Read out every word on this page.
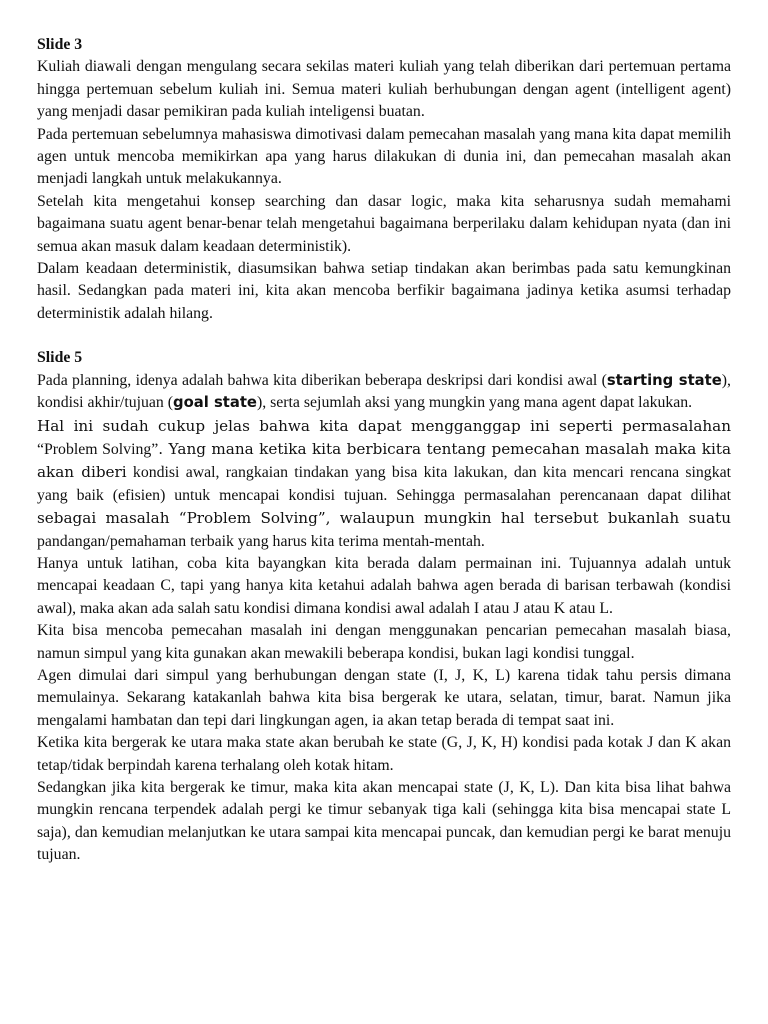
Slide 3

Kuliah diawali dengan mengulang secara sekilas materi kuliah yang telah diberikan dari pertemuan pertama hingga pertemuan sebelum kuliah ini. Semua materi kuliah berhubungan dengan agent (intelligent agent) yang menjadi dasar pemikiran pada kuliah inteligensi buatan.

Pada pertemuan sebelumnya mahasiswa dimotivasi dalam pemecahan masalah yang mana kita dapat memilih agen untuk mencoba memikirkan apa yang harus dilakukan di dunia ini, dan pemecahan masalah akan menjadi langkah untuk melakukannya.

Setelah kita mengetahui konsep searching dan dasar logic, maka kita seharusnya sudah memahami bagaimana suatu agent benar-benar telah mengetahui bagaimana berperilaku dalam kehidupan nyata (dan ini semua akan masuk dalam keadaan deterministik).

Dalam keadaan deterministik, diasumsikan bahwa setiap tindakan akan berimbas pada satu kemungkinan hasil. Sedangkan pada materi ini, kita akan mencoba berfikir bagaimana jadinya ketika asumsi terhadap deterministik adalah hilang.

Slide 5

Pada planning, idenya adalah bahwa kita diberikan beberapa deskripsi dari kondisi awal (starting state), kondisi akhir/tujuan (goal state), serta sejumlah aksi yang mungkin yang mana agent dapat lakukan.

Hal ini sudah cukup jelas bahwa kita dapat mengganggap ini seperti permasalahan “Problem Solving”. Yang mana ketika kita berbicara tentang pemecahan masalah maka kita akan diberi kondisi awal, rangkaian tindakan yang bisa kita lakukan, dan kita mencari rencana singkat yang baik (efisien) untuk mencapai kondisi tujuan. Sehingga permasalahan perencanaan dapat dilihat sebagai masalah “Problem Solving”, walaupun mungkin hal tersebut bukanlah suatu pandangan/pemahaman terbaik yang harus kita terima mentah-mentah.

Hanya untuk latihan, coba kita bayangkan kita berada dalam permainan ini. Tujuannya adalah untuk mencapai keadaan C, tapi yang hanya kita ketahui adalah bahwa agen berada di barisan terbawah (kondisi awal), maka akan ada salah satu kondisi dimana kondisi awal adalah I atau J atau K atau L.

Kita bisa mencoba pemecahan masalah ini dengan menggunakan pencarian pemecahan masalah biasa, namun simpul yang kita gunakan akan mewakili beberapa kondisi, bukan lagi kondisi tunggal.

Agen dimulai dari simpul yang berhubungan dengan state (I, J, K, L) karena tidak tahu persis dimana memulainya. Sekarang katakanlah bahwa kita bisa bergerak ke utara, selatan, timur, barat. Namun jika mengalami hambatan dan tepi dari lingkungan agen, ia akan tetap berada di tempat saat ini.

Ketika kita bergerak ke utara maka state akan berubah ke state (G, J, K, H) kondisi pada kotak J dan K akan tetap/tidak berpindah karena terhalang oleh kotak hitam.

Sedangkan jika kita bergerak ke timur, maka kita akan mencapai state (J, K, L). Dan kita bisa lihat bahwa mungkin rencana terpendek adalah pergi ke timur sebanyak tiga kali (sehingga kita bisa mencapai state L saja), dan kemudian melanjutkan ke utara sampai kita mencapai puncak, dan kemudian pergi ke barat menuju tujuan.
